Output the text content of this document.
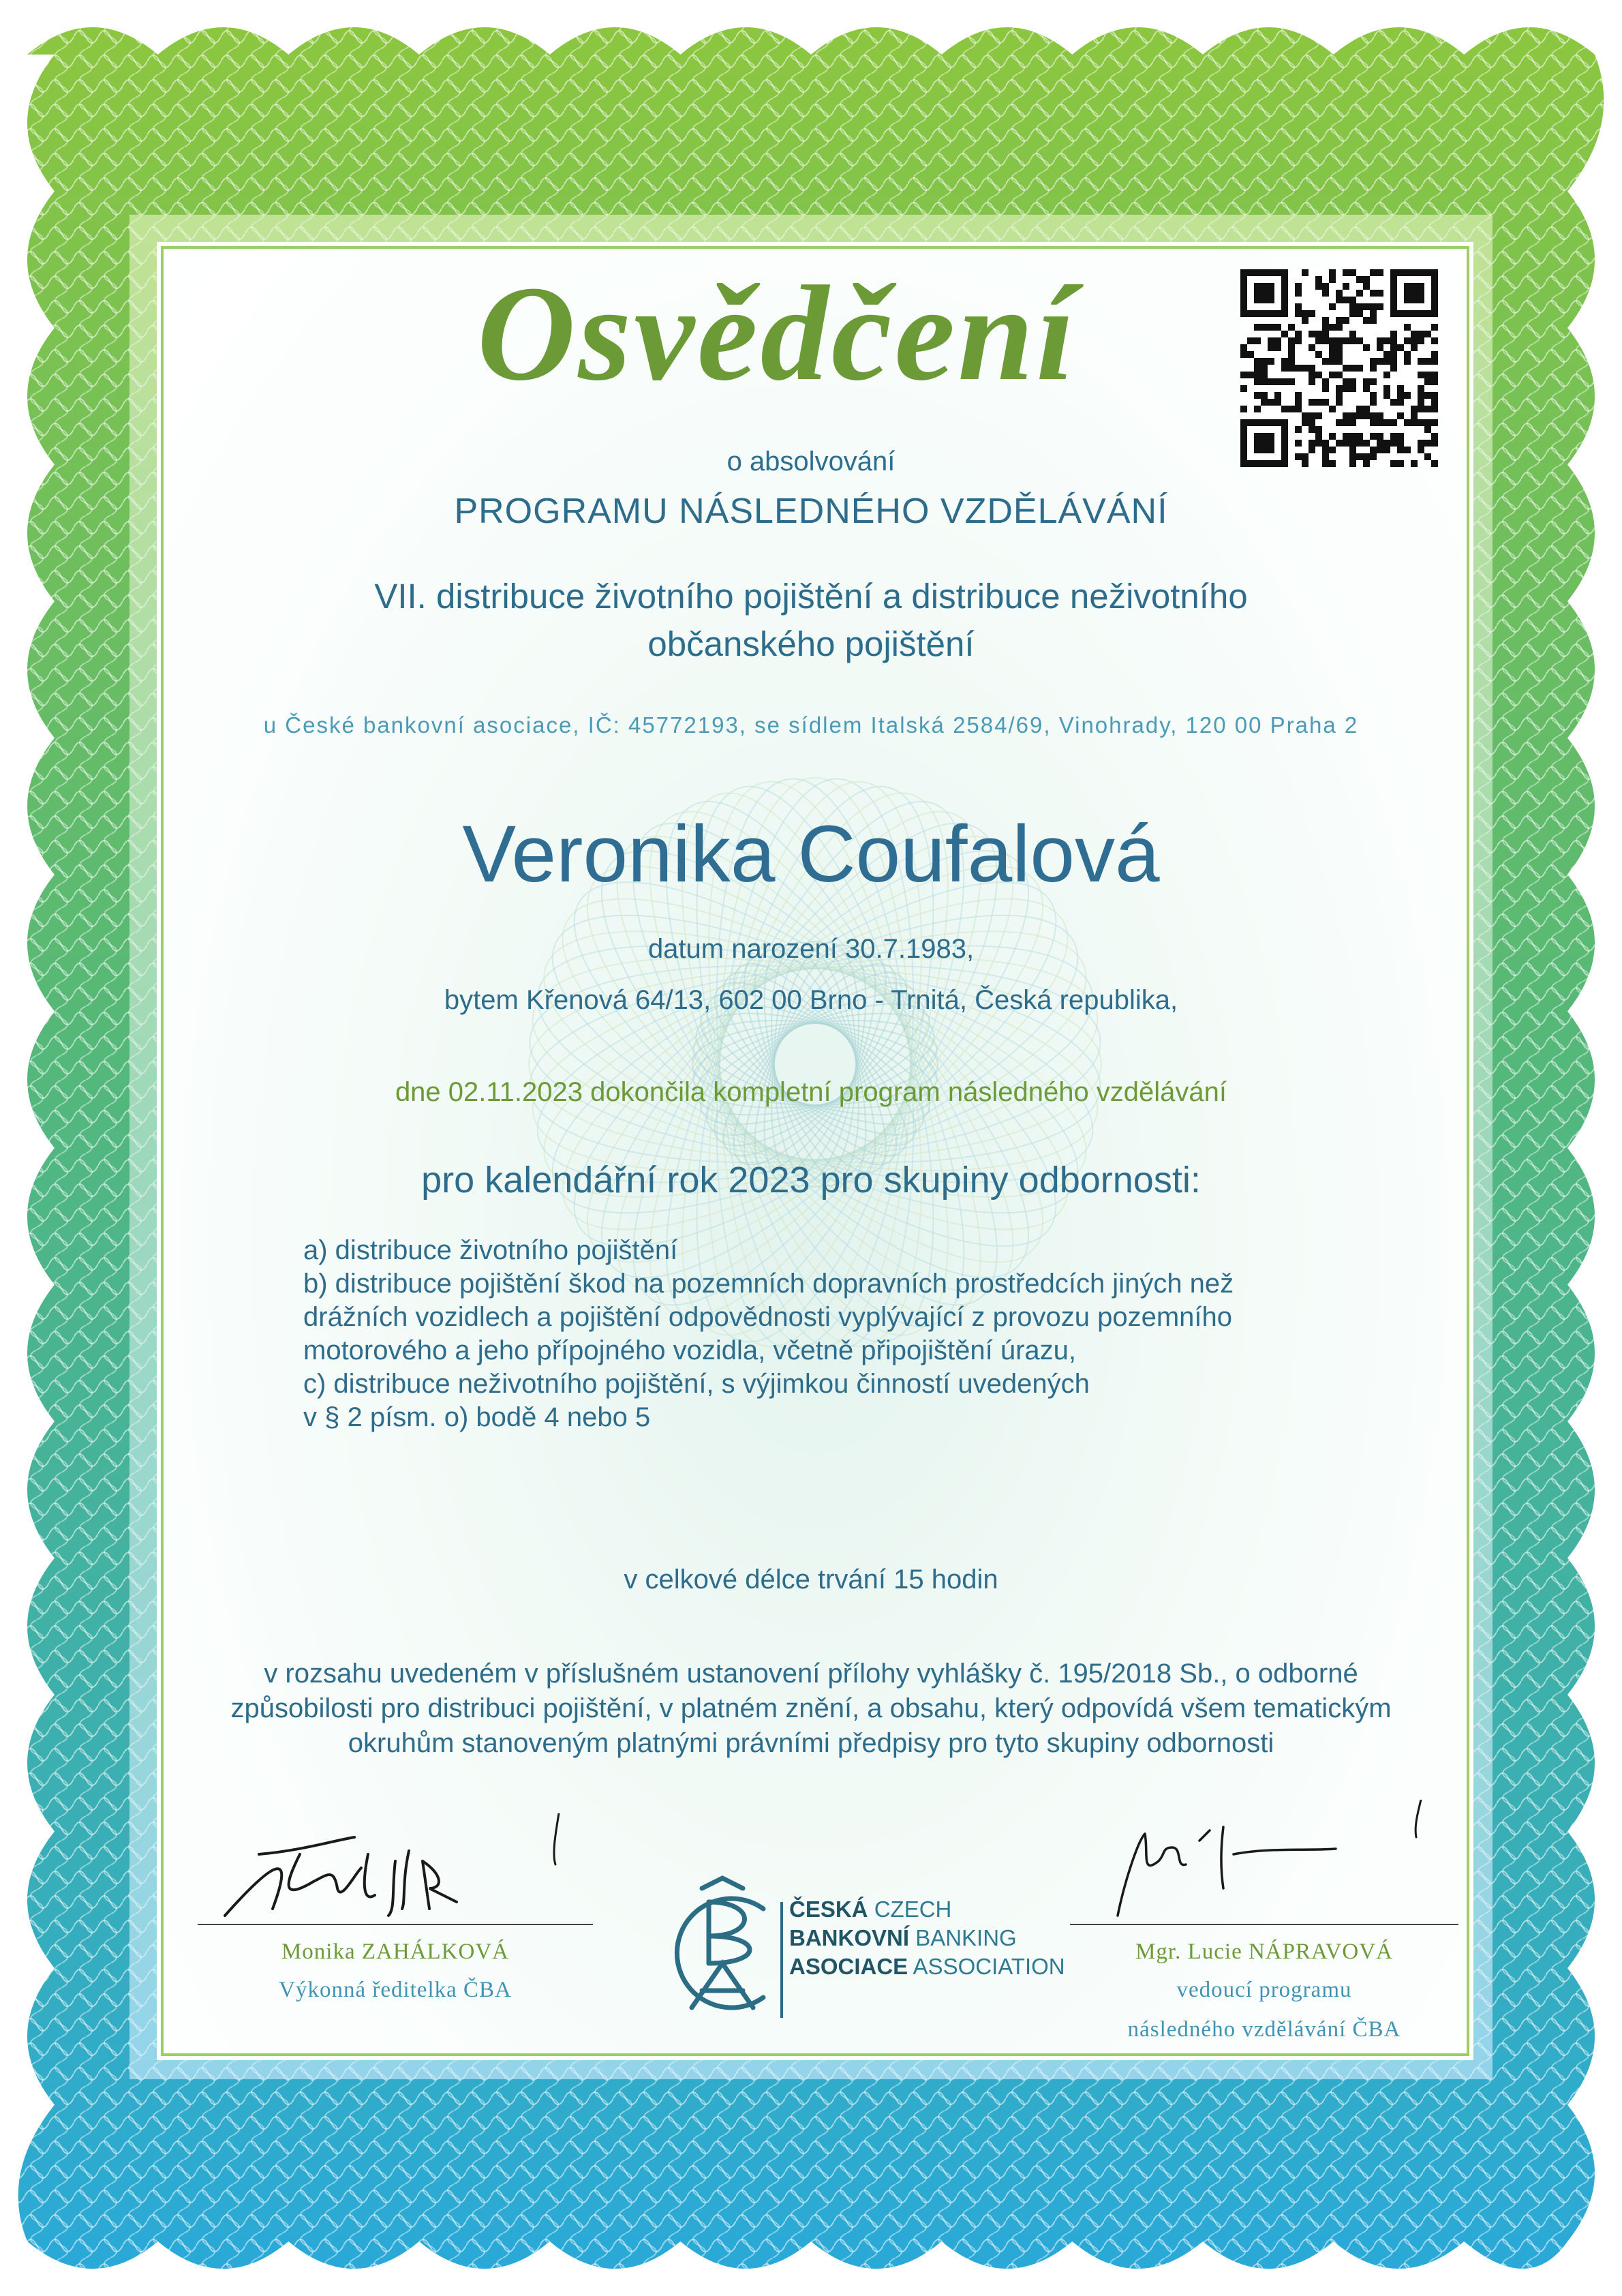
Osvědčení
o absolvování
PROGRAMU NÁSLEDNÉHO VZDĚLÁVÁNÍ
VII. distribuce životního pojištění a distribuce neživotního
občanského pojištění
u České bankovní asociace, IČ: 45772193, se sídlem Italská 2584/69, Vinohrady, 120 00 Praha 2
Veronika Coufalová
datum narození 30.7.1983,
bytem Křenová 64/13, 602 00 Brno - Trnitá, Česká republika,
dne 02.11.2023 dokončila kompletní program následného vzdělávání
pro kalendářní rok 2023 pro skupiny odbornosti:
a) distribuce životního pojištění
b) distribuce pojištění škod na pozemních dopravních prostředcích jiných než
drážních vozidlech a pojištění odpovědnosti vyplývající z provozu pozemního
motorového a jeho přípojného vozidla, včetně připojištění úrazu,
c) distribuce neživotního pojištění, s výjimkou činností uvedených
v § 2 písm. o) bodě 4 nebo 5
v celkové délce trvání 15 hodin
v rozsahu uvedeném v příslušném ustanovení přílohy vyhlášky č. 195/2018 Sb., o odborné
způsobilosti pro distribuci pojištění, v platném znění, a obsahu, který odpovídá všem tematickým
okruhům stanoveným platnými právními předpisy pro tyto skupiny odbornosti
Monika ZAHÁLKOVÁ
Výkonná ředitelka ČBA
Mgr. Lucie NÁPRAVOVÁ
vedoucí programu
následného vzdělávání ČBA
ČESKÁ CZECH
BANKOVNÍ BANKING
ASOCIACE ASSOCIATION
